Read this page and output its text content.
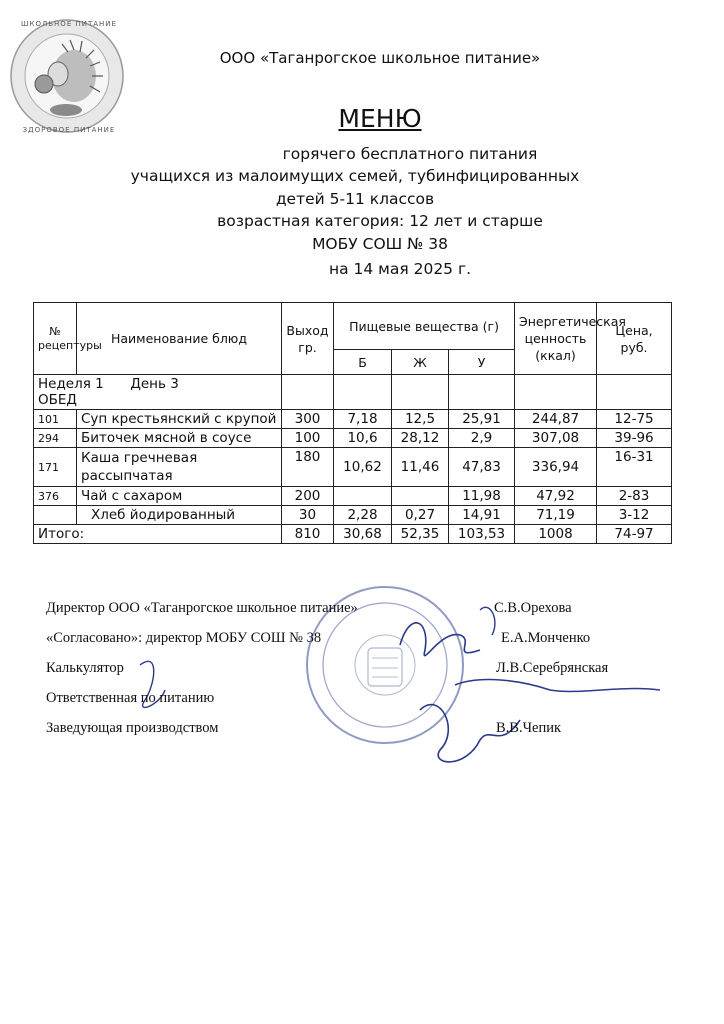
ШКОЛЬНОЕ ПИТАНИЕ
ЗДОРОВОЕ ПИТАНИЕ
ООО «Таганрогское школьное питание»
МЕНЮ
горячего бесплатного питания
учащихся из малоимущих семей, тубинфицированных
детей 5-11 классов
возрастная категория: 12 лет и старше
МОБУ СОШ № 38
на 14 мая 2025 г.
№ рецептуры	Наименование блюд	Выход гр.	Пищевые вещества (г)			Энергетическая ценность (ккал)	Цена, руб.
			Б	Ж	У		
Неделя 1 День 3  ОБЕД							
101	Суп крестьянский с крупой	300	7,18	12,5	25,91	244,87	12-75
294	Биточек мясной в соусе	100	10,6	28,12	2,9	307,08	39-96
171	Каша гречневая рассыпчатая	180	10,62	11,46	47,83	336,94	16-31
376	Чай с сахаром	200			11,98	47,92	2-83
	Хлеб йодированный	30	2,28	0,27	14,91	71,19	3-12
Итого:		810	30,68	52,35	103,53	1008	74-97
Директор ООО «Таганрогское школьное питание»	С.В.Орехова
«Согласовано»: директор МОБУ СОШ № 38	Е.А.Монченко
Калькулятор	Л.В.Серебрянская
Ответственная по питанию
Заведующая производством	В.В.Чепик
